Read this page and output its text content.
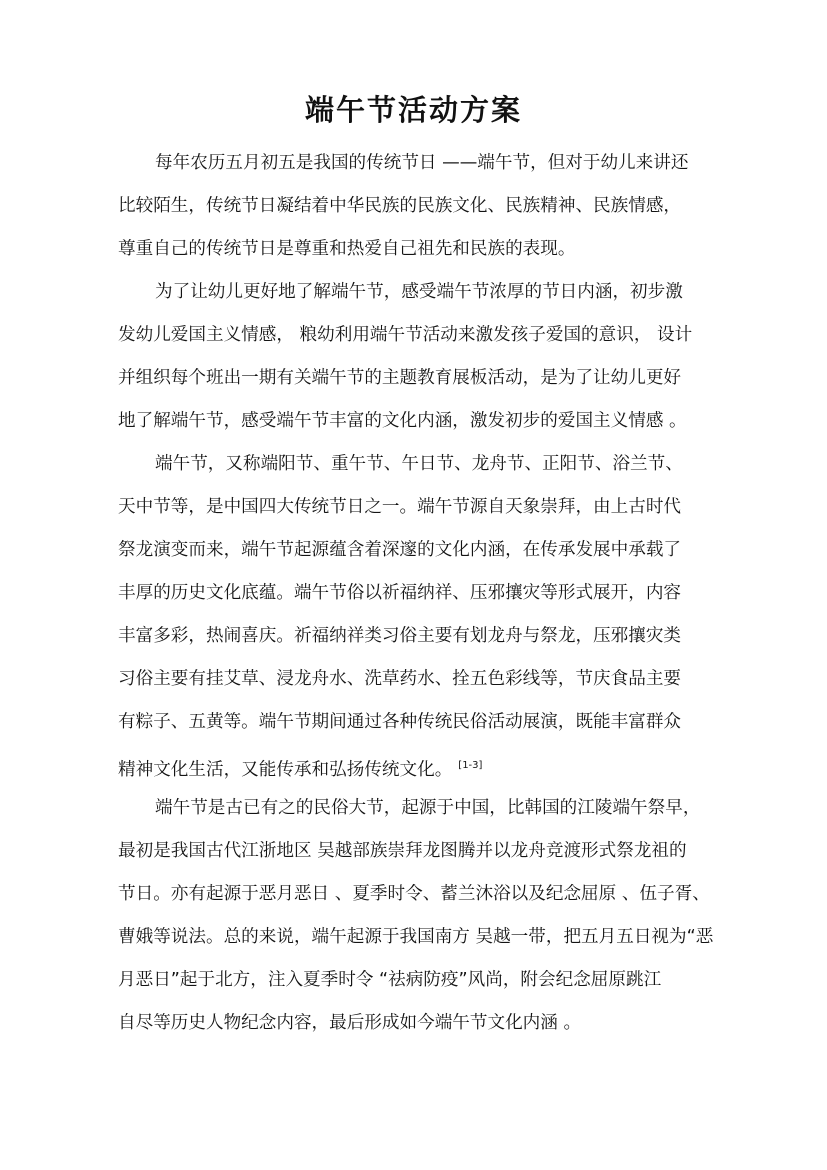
端午节活动方案

每年农历五月初五是我国的传统节日 ——端午节，但对于幼儿来讲还

比较陌生，传统节日凝结着中华民族的民族文化、民族精神、民族情感，

尊重自己的传统节日是尊重和热爱自己祖先和民族的表现。

为了让幼儿更好地了解端午节，感受端午节浓厚的节日内涵，初步激

发幼儿爱国主义情感， 粮幼利用端午节活动来激发孩子爱国的意识， 设计

并组织每个班出一期有关端午节的主题教育展板活动，是为了让幼儿更好

地了解端午节，感受端午节丰富的文化内涵，激发初步的爱国主义情感 。

端午节，又称端阳节、重午节、午日节、龙舟节、正阳节、浴兰节、

天中节等，是中国四大传统节日之一。端午节源自天象崇拜，由上古时代

祭龙演变而来，端午节起源蕴含着深邃的文化内涵，在传承发展中承载了

丰厚的历史文化底蕴。端午节俗以祈福纳祥、压邪攘灾等形式展开，内容

丰富多彩，热闹喜庆。祈福纳祥类习俗主要有划龙舟与祭龙，压邪攘灾类

习俗主要有挂艾草、浸龙舟水、洗草药水、拴五色彩线等，节庆食品主要

有粽子、五黄等。端午节期间通过各种传统民俗活动展演，既能丰富群众

精神文化生活，又能传承和弘扬传统文化。 [1-3]

端午节是古已有之的民俗大节，起源于中国，比韩国的江陵端午祭早，

最初是我国古代江浙地区 吴越部族崇拜龙图腾并以龙舟竞渡形式祭龙祖的

节日。亦有起源于恶月恶日 、夏季时令、蓄兰沐浴以及纪念屈原 、伍子胥、

曹娥等说法。总的来说，端午起源于我国南方 吴越一带，把五月五日视为“恶

月恶日”起于北方，注入夏季时令 “祛病防疫”风尚，附会纪念屈原跳江

自尽等历史人物纪念内容，最后形成如今端午节文化内涵 。
